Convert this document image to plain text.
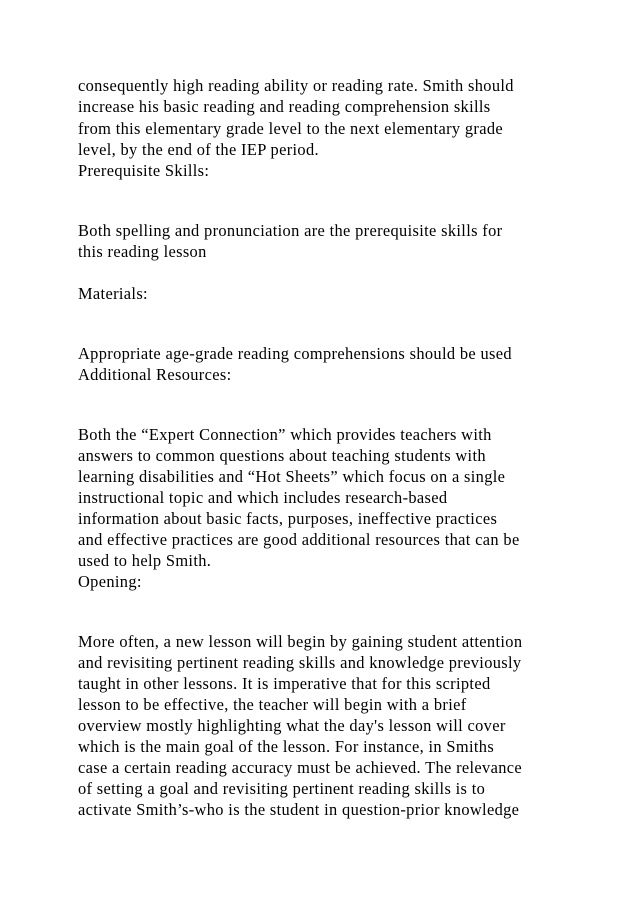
consequently high reading ability or reading rate. Smith should

increase his basic reading and reading comprehension skills

from this elementary grade level to the next elementary grade

level, by the end of the IEP period.

Prerequisite Skills:

Both spelling and pronunciation are the prerequisite skills for

this reading lesson

Materials:

Appropriate age-grade reading comprehensions should be used

Additional Resources:

Both the “Expert Connection” which provides teachers with

answers to common questions about teaching students with

learning disabilities and “Hot Sheets” which focus on a single

instructional topic and which includes research-based

information about basic facts, purposes, ineffective practices

and effective practices are good additional resources that can be

used to help Smith.

Opening:

More often, a new lesson will begin by gaining student attention

and revisiting pertinent reading skills and knowledge previously

taught in other lessons. It is imperative that for this scripted

lesson to be effective, the teacher will begin with a brief

overview mostly highlighting what the day's lesson will cover

which is the main goal of the lesson. For instance, in Smiths

case a certain reading accuracy must be achieved. The relevance

of setting a goal and revisiting pertinent reading skills is to

activate Smith’s-who is the student in question-prior knowledge
